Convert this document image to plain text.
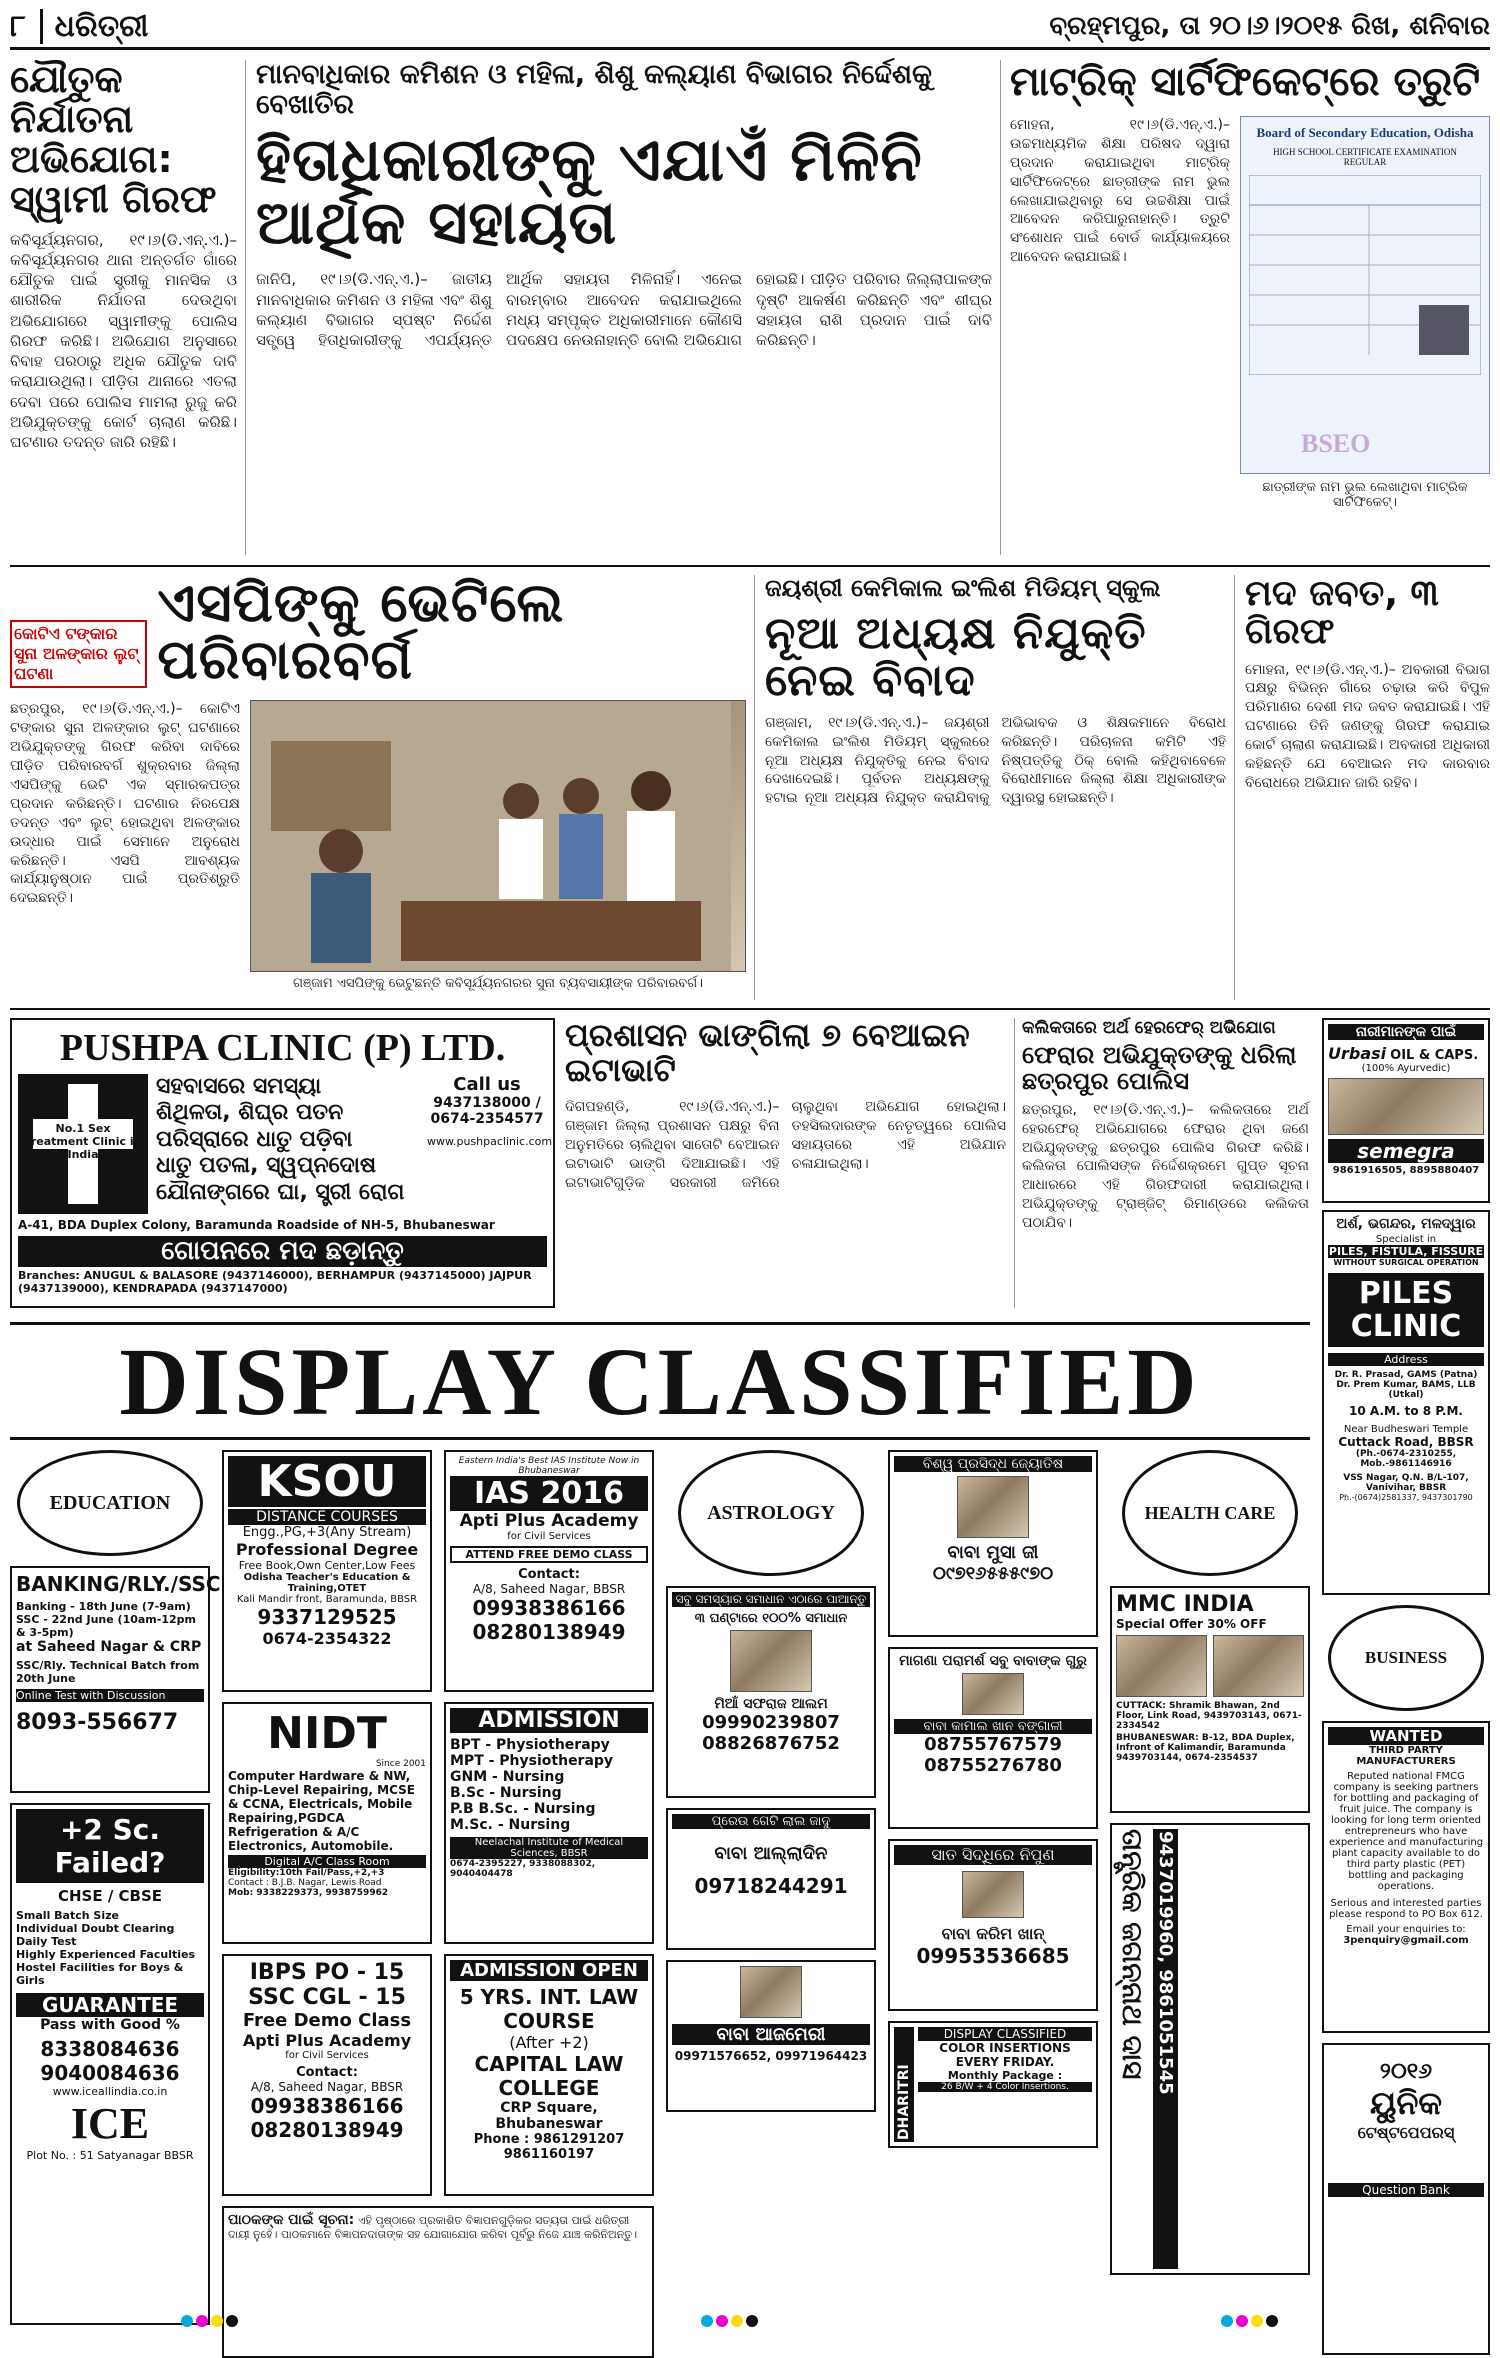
୮ ଧରିତ୍ରୀ	ବ୍ରହ୍ମପୁର, ତା ୨୦।୬।୨୦୧୫ ରିଖ, ଶନିବାର
ଯୌତୁକ ନିର୍ଯାତନା ଅଭିଯୋଗ: ସ୍ୱାମୀ ଗିରଫ
କବିସୂର୍ଯ୍ୟନଗର, ୧୯।୬(ଡି.ଏନ୍.ଏ.)– କବିସୂର୍ଯ୍ୟନଗର ଥାନା ଅନ୍ତର୍ଗତ ଗାଁରେ ଯୌତୁକ ପାଇଁ ସ୍ତ୍ରୀକୁ ମାନସିକ ଓ ଶାରୀରିକ ନିର୍ଯାତନା ଦେଉଥିବା ଅଭିଯୋଗରେ ସ୍ୱାମୀଙ୍କୁ ପୋଲିସ ଗିରଫ କରିଛି। ଅଭିଯୋଗ ଅନୁସାରେ ବିବାହ ପରଠାରୁ ଅଧିକ ଯୌତୁକ ଦାବି କରାଯାଉଥିଲା। ପୀଡ଼ିତା ଥାନାରେ ଏତଲା ଦେବା ପରେ ପୋଲିସ ମାମଲା ରୁଜୁ କରି ଅଭିଯୁକ୍ତଙ୍କୁ କୋର୍ଟ ଚାଲାଣ କରିଛି। ଘଟଣାର ତଦନ୍ତ ଜାରି ରହିଛି।
ମାନବାଧିକାର କମିଶନ ଓ ମହିଳା, ଶିଶୁ କଲ୍ୟାଣ ବିଭାଗର ନିର୍ଦ୍ଦେଶକୁ ବେଖାତିର
ହିତାଧିକାରୀଙ୍କୁ ଏଯାଏଁ ମିଳିନି ଆର୍ଥିକ ସହାୟତା
ଜାନିପି, ୧୯।୬(ଡି.ଏନ୍.ଏ.)– ଜାତୀୟ ମାନବାଧିକାର କମିଶନ ଓ ମହିଳା ଏବଂ ଶିଶୁ କଲ୍ୟାଣ ବିଭାଗର ସ୍ପଷ୍ଟ ନିର୍ଦ୍ଦେଶ ସତ୍ତ୍ୱେ ହିତାଧିକାରୀଙ୍କୁ ଏପର୍ଯ୍ୟନ୍ତ ଆର୍ଥିକ ସହାୟତା ମିଳିନାହିଁ। ଏନେଇ ବାରମ୍ବାର ଆବେଦନ କରାଯାଇଥିଲେ ମଧ୍ୟ ସମ୍ପୃକ୍ତ ଅଧିକାରୀମାନେ କୌଣସି ପଦକ୍ଷେପ ନେଉନାହାନ୍ତି ବୋଲି ଅଭିଯୋଗ ହୋଇଛି। ପୀଡ଼ିତ ପରିବାର ଜିଲ୍ଲାପାଳଙ୍କ ଦୃଷ୍ଟି ଆକର୍ଷଣ କରିଛନ୍ତି ଏବଂ ଶୀଘ୍ର ସହାୟତା ରାଶି ପ୍ରଦାନ ପାଇଁ ଦାବି କରିଛନ୍ତି।
ମାଟ୍ରିକ୍ ସାର୍ଟିଫିକେଟ୍‌ରେ ତ୍ରୁଟି
ମୋହନା, ୧୯।୬(ଡି.ଏନ୍.ଏ.)– ଉଚ୍ଚମାଧ୍ୟମିକ ଶିକ୍ଷା ପରିଷଦ ଦ୍ୱାରା ପ୍ରଦାନ କରାଯାଇଥିବା ମାଟ୍ରିକ୍ ସାର୍ଟିଫିକେଟ୍‌ରେ ଛାତ୍ରୀଙ୍କ ନାମ ଭୁଲ ଲେଖାଯାଇଥିବାରୁ ସେ ଉଚ୍ଚଶିକ୍ଷା ପାଇଁ ଆବେଦନ କରିପାରୁନାହାନ୍ତି। ତ୍ରୁଟି ସଂଶୋଧନ ପାଇଁ ବୋର୍ଡ କାର୍ଯ୍ୟାଳୟରେ ଆବେଦନ କରାଯାଇଛି।
Board of Secondary Education, Odisha
HIGH SCHOOL CERTIFICATE EXAMINATION
REGULAR
BSEO
ଛାତ୍ରୀଙ୍କ ନାମ ଭୁଲ ଲେଖାଥିବା ମାଟ୍ରିକ ସାର୍ଟିଫିକେଟ୍।
କୋଟିଏ ଟଙ୍କାର ସୁନା ଅଳଙ୍କାର ଲୁଟ୍ ଘଟଣା
ଏସପିଙ୍କୁ ଭେଟିଲେ ପରିବାରବର୍ଗ
ଛତ୍ରପୁର, ୧୯।୬(ଡି.ଏନ୍.ଏ.)– କୋଟିଏ ଟଙ୍କାର ସୁନା ଅଳଙ୍କାର ଲୁଟ୍ ଘଟଣାରେ ଅଭିଯୁକ୍ତଙ୍କୁ ଗିରଫ କରିବା ଦାବିରେ ପୀଡ଼ିତ ପରିବାରବର୍ଗ ଶୁକ୍ରବାର ଜିଲ୍ଲା ଏସପିଙ୍କୁ ଭେଟି ଏକ ସ୍ମାରକପତ୍ର ପ୍ରଦାନ କରିଛନ୍ତି। ଘଟଣାର ନିରପେକ୍ଷ ତଦନ୍ତ ଏବଂ ଲୁଟ୍ ହୋଇଥିବା ଅଳଙ୍କାର ଉଦ୍ଧାର ପାଇଁ ସେମାନେ ଅନୁରୋଧ କରିଛନ୍ତି। ଏସପି ଆବଶ୍ୟକ କାର୍ଯ୍ୟାନୁଷ୍ଠାନ ପାଇଁ ପ୍ରତିଶ୍ରୁତି ଦେଇଛନ୍ତି।
ଗଞ୍ଜାମ ଏସପିଙ୍କୁ ଭେଟୁଛନ୍ତି କବିସୂର୍ଯ୍ୟନଗରର ସୁନା ବ୍ୟବସାୟୀଙ୍କ ପରିବାରବର୍ଗ।
ଜୟଶ୍ରୀ କେମିକାଲ ଇଂଲିଶ ମିଡିୟମ୍ ସ୍କୁଲ
ନୂଆ ଅଧ୍ୟକ୍ଷ ନିଯୁକ୍ତି ନେଇ ବିବାଦ
ଗଞ୍ଜାମ, ୧୯।୬(ଡି.ଏନ୍.ଏ.)– ଜୟଶ୍ରୀ କେମିକାଲ ଇଂଲିଶ ମିଡିୟମ୍ ସ୍କୁଲରେ ନୂଆ ଅଧ୍ୟକ୍ଷ ନିଯୁକ୍ତିକୁ ନେଇ ବିବାଦ ଦେଖାଦେଇଛି। ପୂର୍ବତନ ଅଧ୍ୟକ୍ଷଙ୍କୁ ହଟାଇ ନୂଆ ଅଧ୍ୟକ୍ଷ ନିଯୁକ୍ତ କରାଯିବାକୁ ଅଭିଭାବକ ଓ ଶିକ୍ଷକମାନେ ବିରୋଧ କରିଛନ୍ତି। ପରିଚାଳନା କମିଟି ଏହି ନିଷ୍ପତ୍ତିକୁ ଠିକ୍ ବୋଲି କହିଥିବାବେଳେ ବିରୋଧୀମାନେ ଜିଲ୍ଲା ଶିକ୍ଷା ଅଧିକାରୀଙ୍କ ଦ୍ୱାରସ୍ଥ ହୋଇଛନ୍ତି।
ମଦ ଜବତ, ୩ ଗିରଫ
ମୋହନା, ୧୯।୬(ଡି.ଏନ୍.ଏ.)– ଅବକାରୀ ବିଭାଗ ପକ୍ଷରୁ ବିଭିନ୍ନ ଗାଁରେ ଚଢ଼ାଉ କରି ବିପୁଳ ପରିମାଣର ଦେଶୀ ମଦ ଜବତ କରାଯାଇଛି। ଏହି ଘଟଣାରେ ତିନି ଜଣଙ୍କୁ ଗିରଫ କରାଯାଇ କୋର୍ଟ ଚାଲାଣ କରାଯାଇଛି। ଅବକାରୀ ଅଧିକାରୀ କହିଛନ୍ତି ଯେ ବେଆଇନ ମଦ କାରବାର ବିରୋଧରେ ଅଭିଯାନ ଜାରି ରହିବ।
PUSHPA CLINIC (P) LTD.
No.1 Sex Treatment Clinic in India
ସହବାସରେ ସମସ୍ୟା
ଶିଥିଳତା, ଶିଘ୍ର ପତନ
ପରିସ୍ରାରେ ଧାତୁ ପଡ଼ିବା
ଧାତୁ ପତଳା, ସ୍ୱପ୍ନଦୋଷ
ଯୌନାଙ୍ଗରେ ଘା, ସ୍ତ୍ରୀ ରୋଗ
Call us
9437138000 / 0674-2354577
www.pushpaclinic.com
A-41, BDA Duplex Colony, Baramunda Roadside of NH-5, Bhubaneswar
ଗୋପନରେ ମଦ ଛଡ଼ାନ୍ତୁ
Branches: ANUGUL & BALASORE (9437146000), BERHAMPUR (9437145000) JAJPUR (9437139000), KENDRAPADA (9437147000)
ପ୍ରଶାସନ ଭାଙ୍ଗିଲା ୭ ବେଆଇନ ଇଟାଭାଟି
ଦିଗପହଣ୍ଡି, ୧୯।୬(ଡି.ଏନ୍.ଏ.)– ଗଞ୍ଜାମ ଜିଲ୍ଲା ପ୍ରଶାସନ ପକ୍ଷରୁ ବିନା ଅନୁମତିରେ ଚାଲିଥିବା ସାତୋଟି ବେଆଇନ ଇଟାଭାଟି ଭାଙ୍ଗି ଦିଆଯାଇଛି। ଏହି ଇଟାଭାଟିଗୁଡ଼ିକ ସରକାରୀ ଜମିରେ ଚାଲୁଥିବା ଅଭିଯୋଗ ହୋଇଥିଲା। ତହସିଲଦାରଙ୍କ ନେତୃତ୍ୱରେ ପୋଲିସ ସହାୟତାରେ ଏହି ଅଭିଯାନ ଚଳାଯାଇଥିଲା।
କଲିକତାରେ ଅର୍ଥ ହେରଫେର୍ ଅଭିଯୋଗ
ଫେରାର ଅଭିଯୁକ୍ତଙ୍କୁ ଧରିଲା ଛତ୍ରପୁର ପୋଲିସ
ଛତ୍ରପୁର, ୧୯।୬(ଡି.ଏନ୍.ଏ.)– କଲିକତାରେ ଅର୍ଥ ହେରଫେର୍ ଅଭିଯୋଗରେ ଫେରାର ଥିବା ଜଣେ ଅଭିଯୁକ୍ତଙ୍କୁ ଛତ୍ରପୁର ପୋଲିସ ଗିରଫ କରିଛି। କଲିକତା ପୋଲିସଙ୍କ ନିର୍ଦ୍ଦେଶକ୍ରମେ ଗୁପ୍ତ ସୂଚନା ଆଧାରରେ ଏହି ଗିରଫଦାରୀ କରାଯାଇଥିଲା। ଅଭିଯୁକ୍ତଙ୍କୁ ଟ୍ରାଞ୍ଜିଟ୍ ରିମାଣ୍ଡରେ କଲିକତା ପଠାଯିବ।
ନାରୀମାନଙ୍କ ପାଇଁ
Urbasi OIL & CAPS.
(100% Ayurvedic)
semegra
9861916505, 8895880407
ଅର୍ଶ, ଭଗନ୍ଦର, ମଳଦ୍ୱାର
Specialist in
PILES, FISTULA, FISSURE
WITHOUT SURGICAL OPERATION
PILES CLINIC
Address
Dr. R. Prasad, GAMS (Patna)
Dr. Prem Kumar, BAMS, LLB (Utkal)
10 A.M. to 8 P.M.
Near Budheswari Temple
Cuttack Road, BBSR
(Ph.-0674-2310255, Mob.-9861146916
VSS Nagar, Q.N. B/L-107, Vanivihar, BBSR
Ph.-(0674)2581337, 9437301790
DISPLAY CLASSIFIED
EDUCATION
BANKING/RLY./SSC
Banking - 18th June (7-9am)
SSC - 22nd June (10am-12pm & 3-5pm)
at Saheed Nagar & CRP
SSC/Rly. Technical Batch from 20th June
Online Test with Discussion
8093-556677
+2 Sc.
Failed?
CHSE / CBSE
Small Batch Size
Individual Doubt Clearing
Daily Test
Highly Experienced Faculties
Hostel Facilities for Boys & Girls
GUARANTEE
Pass with Good %
8338084636
9040084636
www.iceallindia.co.in
ICE
Plot No. : 51 Satyanagar BBSR
KSOU
DISTANCE COURSES
Engg.,PG,+3(Any Stream)
Professional Degree
Free Book,Own Center,Low Fees
Odisha Teacher's Education & Training,OTET
Kali Mandir front, Baramunda, BBSR
9337129525
0674-2354322
NIDT
Since 2001
Computer Hardware & NW, Chip-Level Repairing, MCSE & CCNA, Electricals, Mobile Repairing,PGDCA Refrigeration & A/C Electronics, Automobile.
Digital A/C Class Room
Eligibility:10th Fail/Pass,+2,+3
Contact : B.J.B. Nagar, Lewis Road
Mob: 9338229373, 9938759962
IBPS PO - 15
SSC CGL - 15
Free Demo Class
Apti Plus Academy
for Civil Services
Contact:
A/8, Saheed Nagar, BBSR
09938386166
08280138949
ପାଠକଙ୍କ ପାଇଁ ସୂଚନା: ଏହି ପୃଷ୍ଠାରେ ପ୍ରକାଶିତ ବିଜ୍ଞାପନଗୁଡ଼ିକର ସତ୍ୟତା ପାଇଁ ଧରିତ୍ରୀ ଦାୟୀ ନୁହେଁ। ପାଠକମାନେ ବିଜ୍ଞାପନଦାତାଙ୍କ ସହ ଯୋଗାଯୋଗ କରିବା ପୂର୍ବରୁ ନିଜେ ଯାଞ୍ଚ କରିନିଅନ୍ତୁ।
Eastern India's Best IAS Institute Now in Bhubaneswar
IAS 2016
Apti Plus Academy
for Civil Services
ATTEND FREE DEMO CLASS
Contact:
A/8, Saheed Nagar, BBSR
09938386166
08280138949
ADMISSION
BPT - Physiotherapy
MPT - Physiotherapy
GNM - Nursing
B.Sc - Nursing
P.B B.Sc. - Nursing
M.Sc. - Nursing
Neelachal Institute of Medical Sciences, BBSR
0674-2395227, 9338088302, 9040404478
ADMISSION OPEN
5 YRS. INT. LAW COURSE
(After +2)
CAPITAL LAW COLLEGE
CRP Square, Bhubaneswar
Phone : 9861291207 9861160197
ASTROLOGY
ସବୁ ସମସ୍ୟାର ସମାଧାନ ଏଠାରେ ପାଆନ୍ତୁ
୩ ଘଣ୍ଟାରେ ୧୦୦% ସମାଧାନ
ମିଆଁ ସଫରାଜ ଆଲମ
09990239807
08826876752
ପ୍ରେଉ ଗେଟି ଲାଲ ଜାଦୁ
ବାବା ଆଲ୍ଲାଦିନ
09718244291
ବାବା ଆଜମେରୀ
09971576652, 09971964423
ବିଶ୍ୱ ପ୍ରସିଦ୍ଧ ଜ୍ୟୋତିଷ
ବାବା ମୁସା ଜୀ
୦୯୭୧୬୫୫୫୯୭୦
ମାଗଣା ପରାମର୍ଶ ସବୁ ବାବାଙ୍କ ଗୁରୁ
ବାବା କାମାଲ ଖାନ ବଙ୍ଗାଳୀ
08755767579
08755276780
ସାତ ସିଦ୍ଧିରେ ନିପୁଣ
ବାବା କରିମ ଖାନ୍
09953536685
DHARITRI
DISPLAY CLASSIFIED
COLOR INSERTIONS EVERY FRIDAY.
Monthly Package :
26 B/W + 4 Color Insertions.
HEALTH CARE
MMC INDIA
Special Offer 30% OFF
CUTTACK: Shramik Bhawan, 2nd Floor, Link Road, 9439703143, 0671-2334542
BHUBANESWAR: B-12, BDA Duplex, Infront of Kalimandir, Baramunda 9439703144, 0674-2354537
ତାନ୍ତ୍ରିକ ଜଗନ୍ନାଥ ଦାସ 9437019960, 9861051545
BUSINESS
WANTED
THIRD PARTY MANUFACTURERS
Reputed national FMCG company is seeking partners for bottling and packaging of fruit juice. The company is looking for long term oriented entrepreneurs who have experience and manufacturing plant capacity available to do third party plastic (PET) bottling and packaging operations.
Serious and interested parties please respond to PO Box 612.
Email your enquiries to:
3penquiry@gmail.com
୨୦୧୬
ୟୁନିକ
ଟେଷ୍ଟପେପରସ୍
Question Bank
